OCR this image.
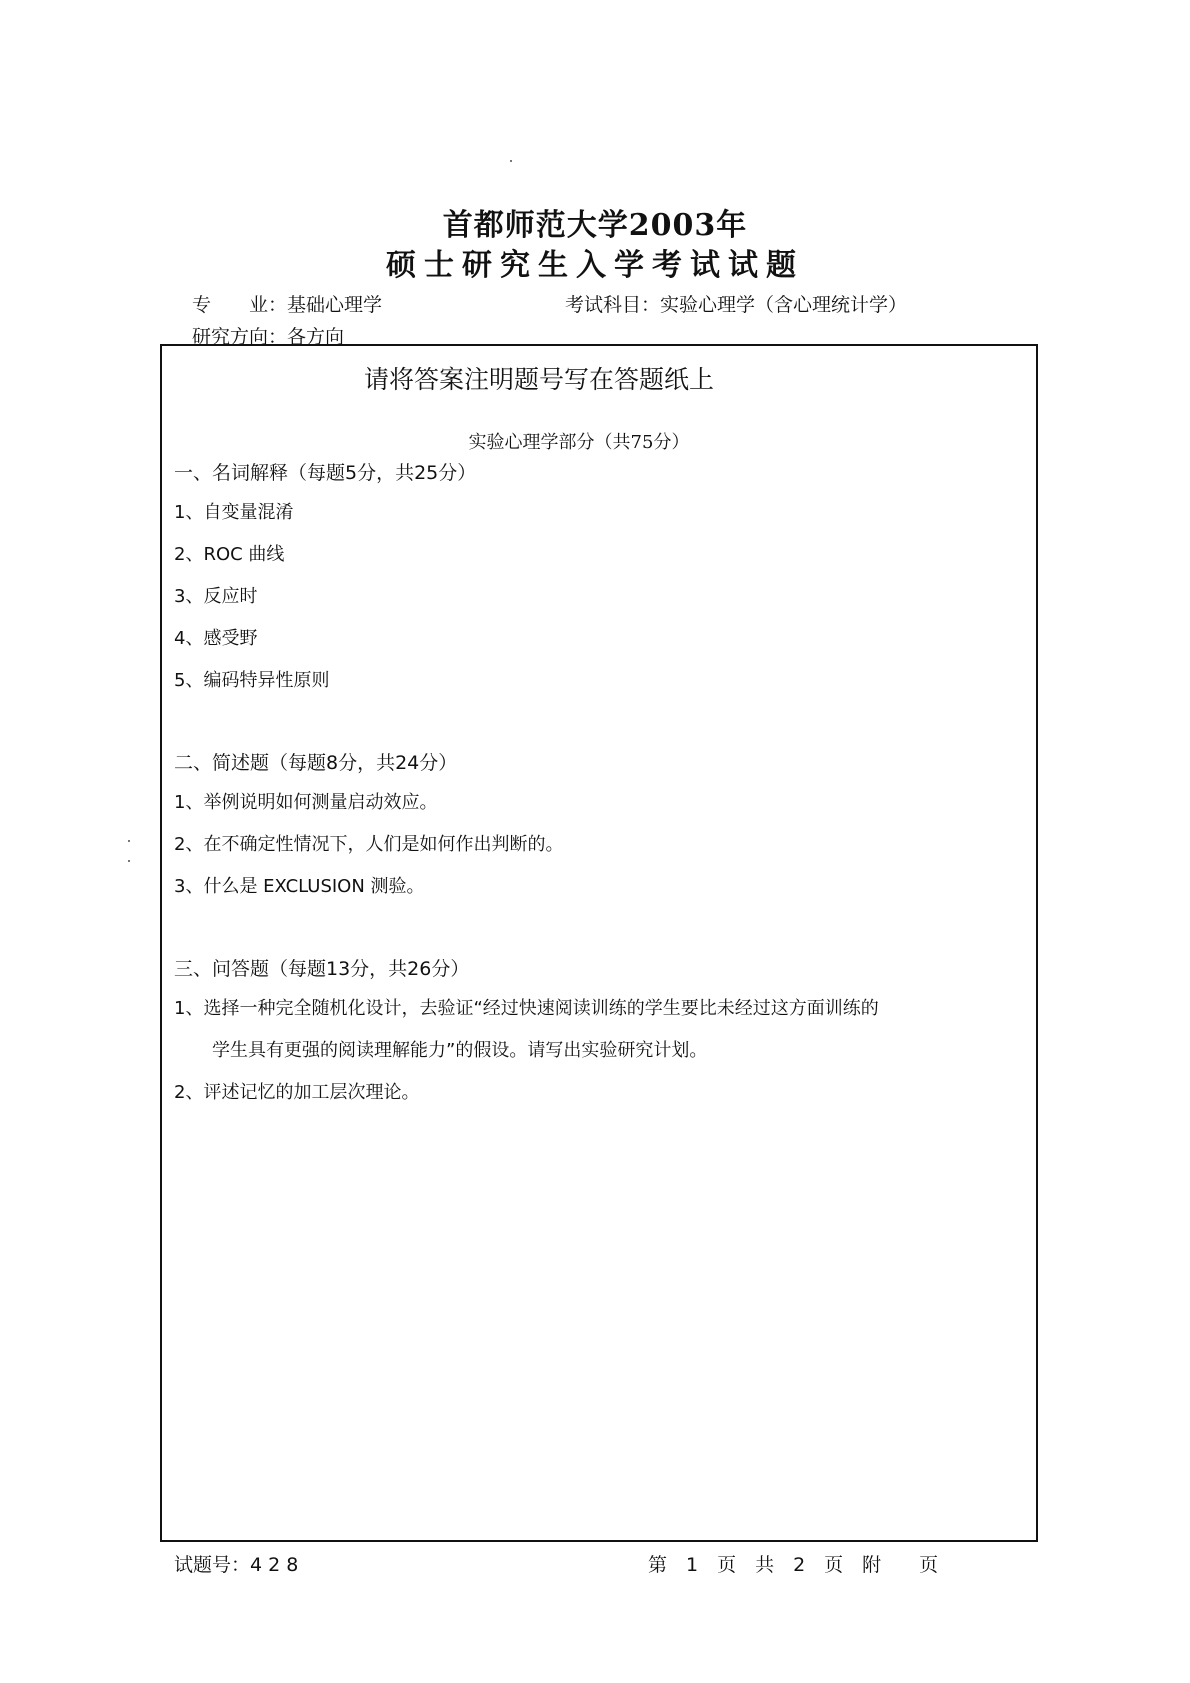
首都师范大学2003年
硕士研究生入学考试试题
专　　业：基础心理学	考试科目：实验心理学（含心理统计学）
研究方向：各方向
请将答案注明题号写在答题纸上
实验心理学部分（共75分）
一、名词解释（每题5分，共25分）
1、自变量混淆
2、ROC 曲线
3、反应时
4、感受野
5、编码特异性原则
二、简述题（每题8分，共24分）
1、举例说明如何测量启动效应。
2、在不确定性情况下，人们是如何作出判断的。
3、什么是 EXCLUSION 测验。
三、问答题（每题13分，共26分）
1、选择一种完全随机化设计，去验证“经过快速阅读训练的学生要比未经过这方面训练的
学生具有更强的阅读理解能力”的假设。请写出实验研究计划。
2、评述记忆的加工层次理论。
试题号：4 2 8	第　1　页　共　2　页　附　　页
